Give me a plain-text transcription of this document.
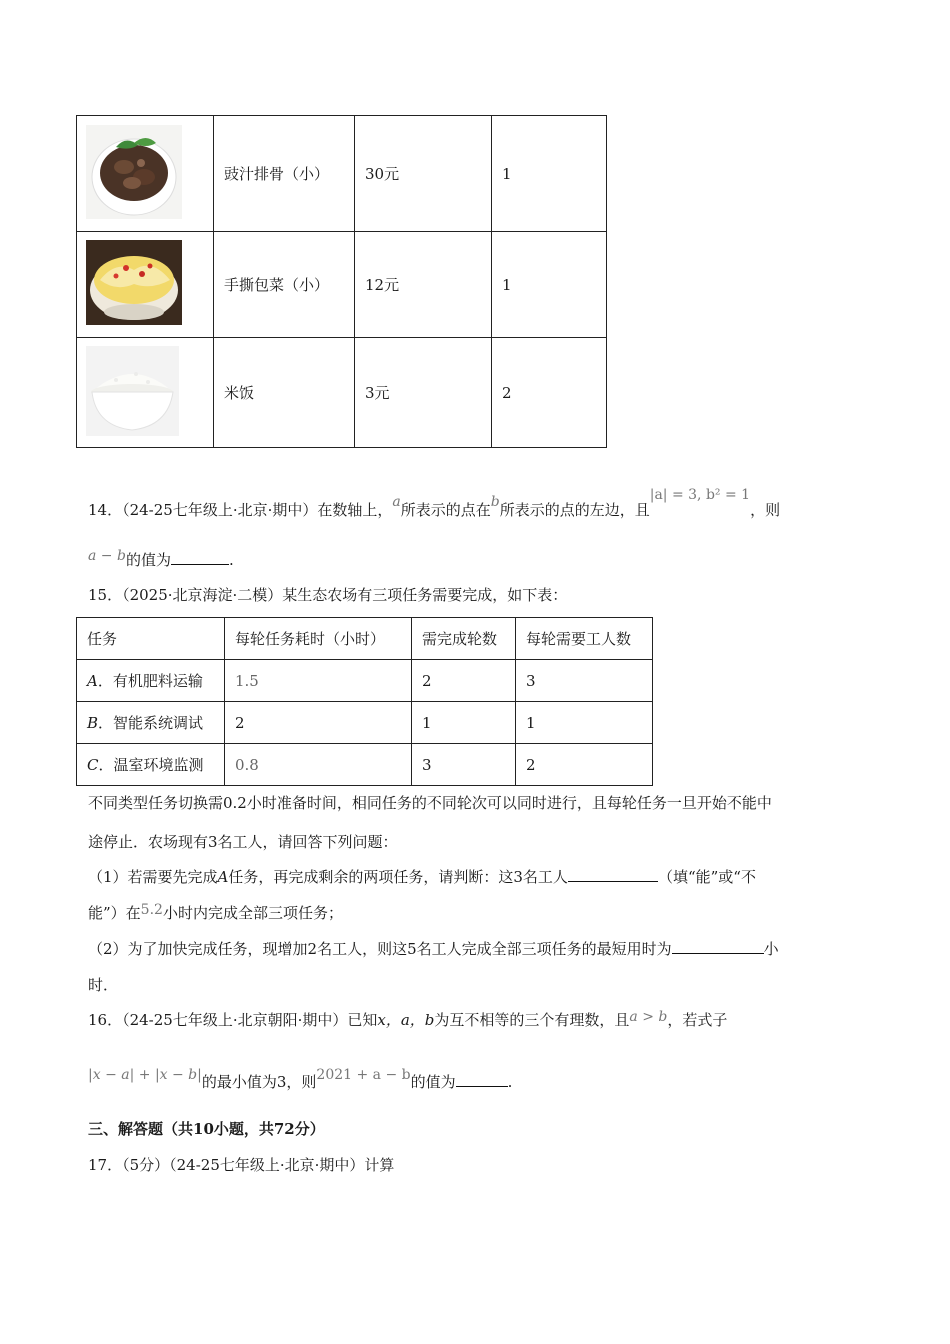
	豉汁排骨（小）	30元	1
	手撕包菜（小）	12元	1
	米饭	3元	2
14．（24-25七年级上·北京·期中）在数轴上，a所表示的点在b所表示的点的左边，且|a| = 3, b² = 1，则
a − b的值为	.
15．（2025·北京海淀·二模）某生态农场有三项任务需要完成，如下表：
任务	每轮任务耗时（小时）	需完成轮数	每轮需要工人数
A．有机肥料运输	1.5	2	3
B．智能系统调试	2	1	1
C．温室环境监测	0.8	3	2
不同类型任务切换需0.2小时准备时间，相同任务的不同轮次可以同时进行，且每轮任务一旦开始不能中
途停止．农场现有3名工人，请回答下列问题：
（1）若需要先完成A任务，再完成剩余的两项任务，请判断：这3名工人	（填“能”或“不
能”）在5.2小时内完成全部三项任务；
（2）为了加快完成任务，现增加2名工人，则这5名工人完成全部三项任务的最短用时为	小
时．
16．（24-25七年级上·北京朝阳·期中）已知x，a，b为互不相等的三个有理数，且a > b，若式子
|x − a| + |x − b|的最小值为3，则2021 + a − b的值为	.
三、解答题（共10小题，共72分）
17．（5分）（24-25七年级上·北京·期中）计算
